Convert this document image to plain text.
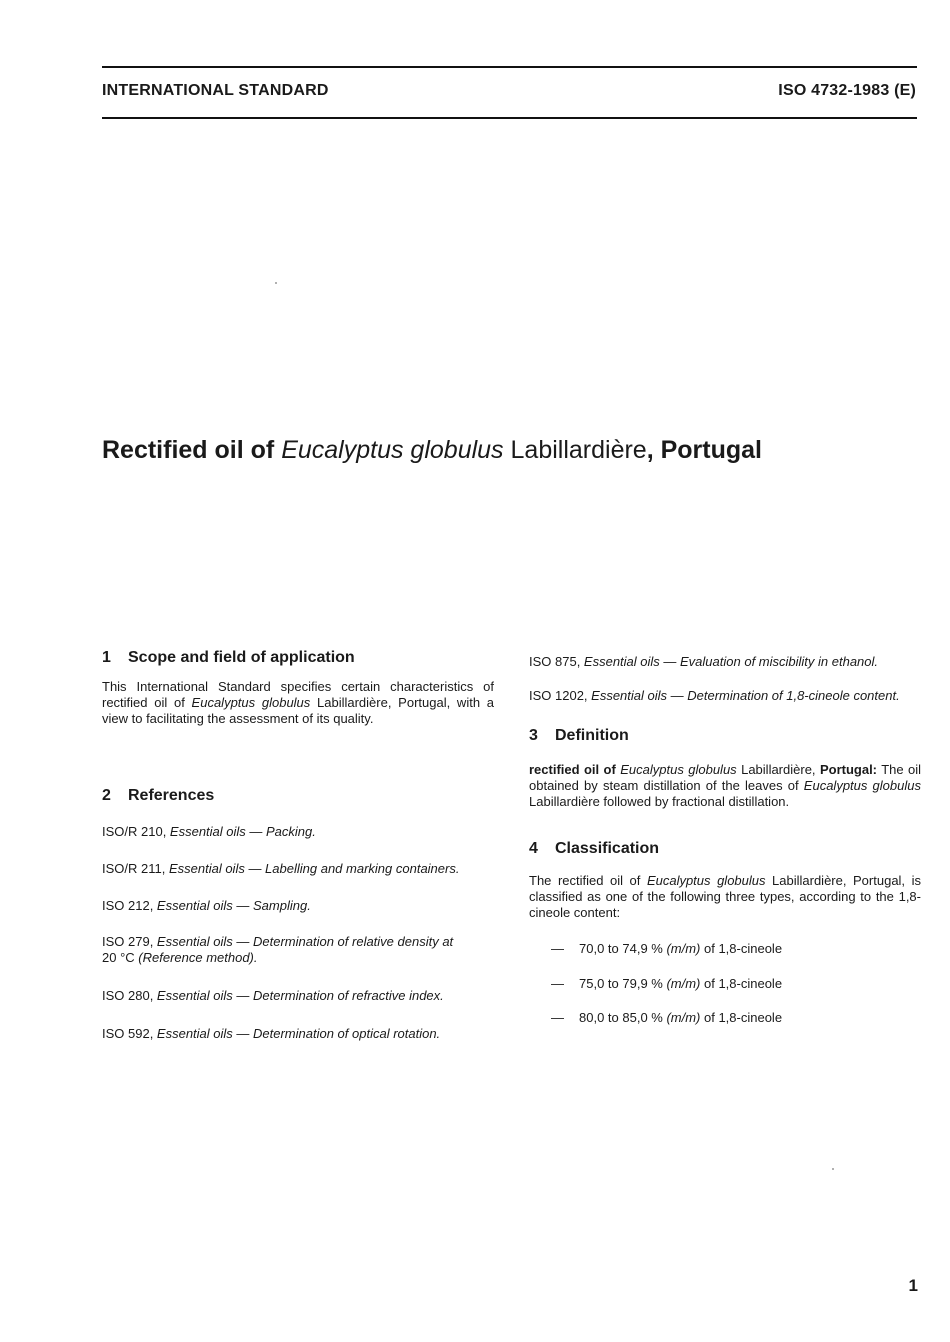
INTERNATIONAL STANDARD	ISO 4732-1983 (E)
Rectified oil of Eucalyptus globulus Labillardière, Portugal
1 Scope and field of application

This International Standard specifies certain characteristics of rectified oil of Eucalyptus globulus Labillardière, Portugal, with a view to facilitating the assessment of its quality.

2 References

ISO/R 210, Essential oils — Packing.

ISO/R 211, Essential oils — Labelling and marking containers.

ISO 212, Essential oils — Sampling.

ISO 279, Essential oils — Determination of relative density at
20 °C (Reference method).

ISO 280, Essential oils — Determination of refractive index.

ISO 592, Essential oils — Determination of optical rotation.

ISO 875, Essential oils — Evaluation of miscibility in ethanol.

ISO 1202, Essential oils — Determination of 1,8-cineole content.

3 Definition

rectified oil of Eucalyptus globulus Labillardière, Portugal: The oil obtained by steam distillation of the leaves of Eucalyptus globulus Labillardière followed by fractional distillation.

4 Classification

The rectified oil of Eucalyptus globulus Labillardière, Portugal, is classified as one of the following three types, according to the 1,8-cineole content:

— 70,0 to 74,9 % (m/m) of 1,8-cineole

— 75,0 to 79,9 % (m/m) of 1,8-cineole

— 80,0 to 85,0 % (m/m) of 1,8-cineole

1
